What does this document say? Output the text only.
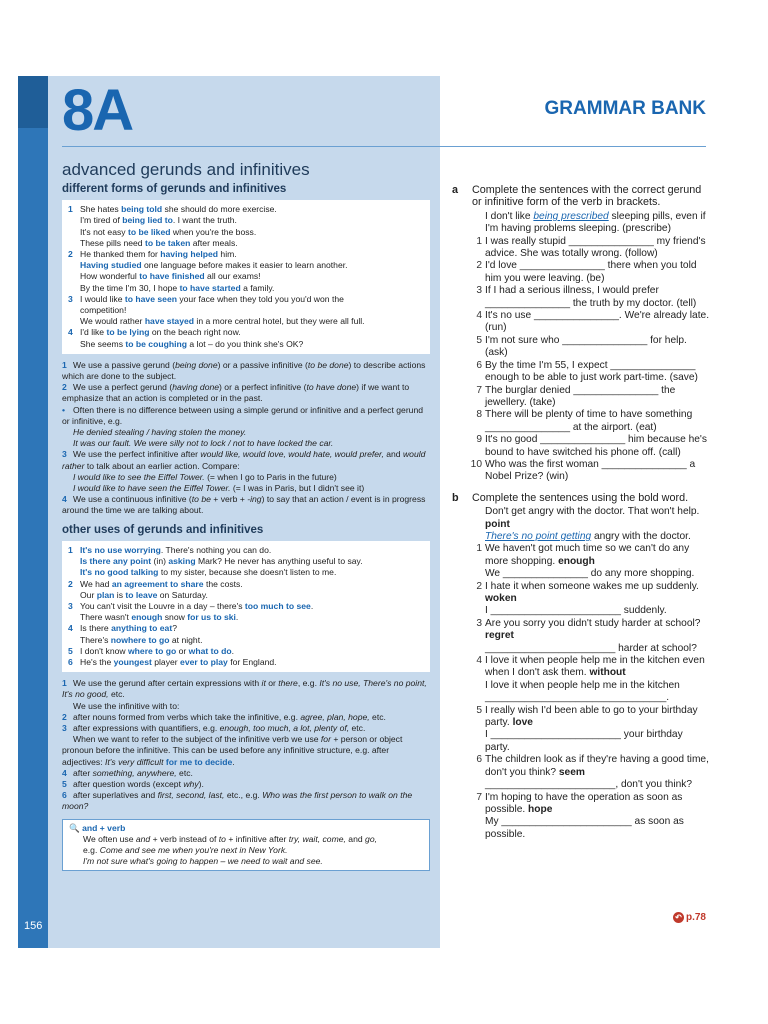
8A	GRAMMAR BANK
156
advanced gerunds and infinitives
different forms of gerunds and infinitives
1 She hates being told she should do more exercise.
I'm tired of being lied to. I want the truth.
It's not easy to be liked when you're the boss.
These pills need to be taken after meals.
2 He thanked them for having helped him.
Having studied one language before makes it easier to learn another.
How wonderful to have finished all our exams!
By the time I'm 30, I hope to have started a family.
3 I would like to have seen your face when they told you you'd won the
competition!
We would rather have stayed in a more central hotel, but they were all full.
4 I'd like to be lying on the beach right now.
She seems to be coughing a lot – do you think she's OK?
1 We use a passive gerund (being done) or a passive infinitive (to be done) to describe actions which are done to the subject.
2 We use a perfect gerund (having done) or a perfect infinitive (to have done) if we want to emphasize that an action is completed or in the past.
• Often there is no difference between using a simple gerund or infinitive and a perfect gerund or infinitive, e.g.
He denied stealing / having stolen the money.
It was our fault. We were silly not to lock / not to have locked the car.
3 We use the perfect infinitive after would like, would love, would hate, would prefer, and would rather to talk about an earlier action. Compare:
I would like to see the Eiffel Tower. (= when I go to Paris in the future)
I would like to have seen the Eiffel Tower. (= I was in Paris, but I didn't see it)
4 We use a continuous infinitive (to be + verb + -ing) to say that an action / event is in progress around the time we are talking about.
other uses of gerunds and infinitives
1 It's no use worrying. There's nothing you can do.
Is there any point (in) asking Mark? He never has anything useful to say.
It's no good talking to my sister, because she doesn't listen to me.
2 We had an agreement to share the costs.
Our plan is to leave on Saturday.
3 You can't visit the Louvre in a day – there's too much to see.
There wasn't enough snow for us to ski.
4 Is there anything to eat?
There's nowhere to go at night.
5 I don't know where to go or what to do.
6 He's the youngest player ever to play for England.
1 We use the gerund after certain expressions with it or there, e.g. It's no use, There's no point, It's no good, etc.
We use the infinitive with to:
2 after nouns formed from verbs which take the infinitive, e.g. agree, plan, hope, etc.
3 after expressions with quantifiers, e.g. enough, too much, a lot, plenty of, etc.
When we want to refer to the subject of the infinitive verb we use for + person or object pronoun before the infinitive. This can be used before any infinitive structure, e.g. after adjectives: It's very difficult for me to decide.
4 after something, anywhere, etc.
5 after question words (except why).
6 after superlatives and first, second, last, etc., e.g. Who was the first person to walk on the moon?
🔍 and + verb
We often use and + verb instead of to + infinitive after try, wait, come, and go,
e.g. Come and see me when you're next in New York.
I'm not sure what's going to happen – we need to wait and see.
a Complete the sentences with the correct gerund or infinitive form of the verb in brackets.
I don't like being prescribed sleeping pills, even if I'm having problems sleeping. (prescribe)
1 I was really stupid _______________ my friend's advice. She was totally wrong. (follow)
2 I'd love _______________ there when you told him you were leaving. (be)
3 If I had a serious illness, I would prefer _______________ the truth by my doctor. (tell)
4 It's no use _______________. We're already late. (run)
5 I'm not sure who _______________ for help. (ask)
6 By the time I'm 55, I expect _______________ enough to be able to just work part-time. (save)
7 The burglar denied _______________ the jewellery. (take)
8 There will be plenty of time to have something _______________ at the airport. (eat)
9 It's no good _______________ him because he's bound to have switched his phone off. (call)
10 Who was the first woman _______________ a Nobel Prize? (win)
b Complete the sentences using the bold word.
Don't get angry with the doctor. That won't help. point
There's no point getting angry with the doctor.
1 We haven't got much time so we can't do any more shopping. enough
We _______________ do any more shopping.
2 I hate it when someone wakes me up suddenly. woken
I _______________________ suddenly.
3 Are you sorry you didn't study harder at school? regret
_______________________ harder at school?
4 I love it when people help me in the kitchen even when I don't ask them. without
I love it when people help me in the kitchen ________________________________.
5 I really wish I'd been able to go to your birthday party. love
I _______________________ your birthday party.
6 The children look as if they're having a good time, don't you think? seem
_______________________, don't you think?
7 I'm hoping to have the operation as soon as possible. hope
My _______________________ as soon as possible.
↶ p.78
